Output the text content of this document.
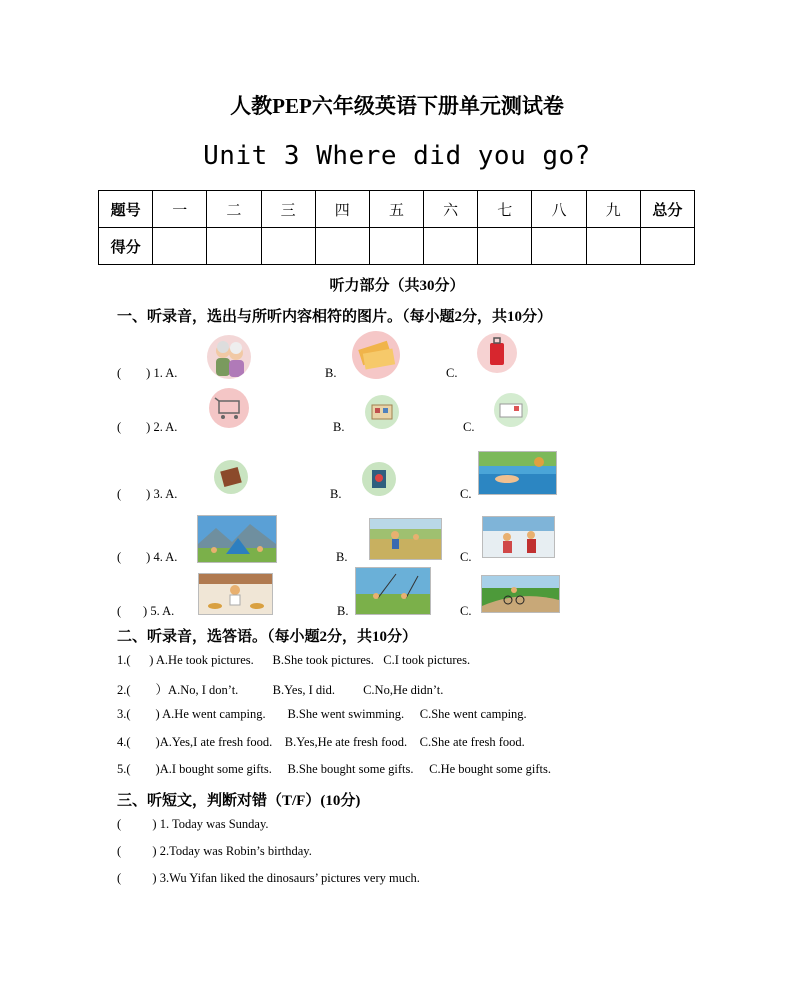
人教PEP六年级英语下册单元测试卷
Unit 3 Where did you go?
题号	一	二	三	四	五	六	七	八	九	总分
得分										
听力部分（共30分）
一、听录音，选出与所听内容相符的图片。（每小题2分，共10分）
(        ) 1. A.	B.	C.
(        ) 2. A.	B.	C.
(        ) 3. A.	B.	C.
(        ) 4. A.	B.	C.
(       ) 5. A.	B.	C.
二、听录音，选答语。（每小题2分，共10分）
1.(      ) A.He took pictures.      B.She took pictures.   C.I took pictures.
2.(        ）A.No, I don’t.           B.Yes, I did.         C.No,He didn’t.
3.(        ) A.He went camping.       B.She went swimming.     C.She went camping.
4.(        )A.Yes,I ate fresh food.    B.Yes,He ate fresh food.    C.She ate fresh food.
5.(        )A.I bought some gifts.     B.She bought some gifts.     C.He bought some gifts.
三、听短文，判断对错（T/F）(10分)
(          ) 1. Today was Sunday.
(          ) 2.Today was Robin’s birthday.
(          ) 3.Wu Yifan liked the dinosaurs’ pictures very much.
